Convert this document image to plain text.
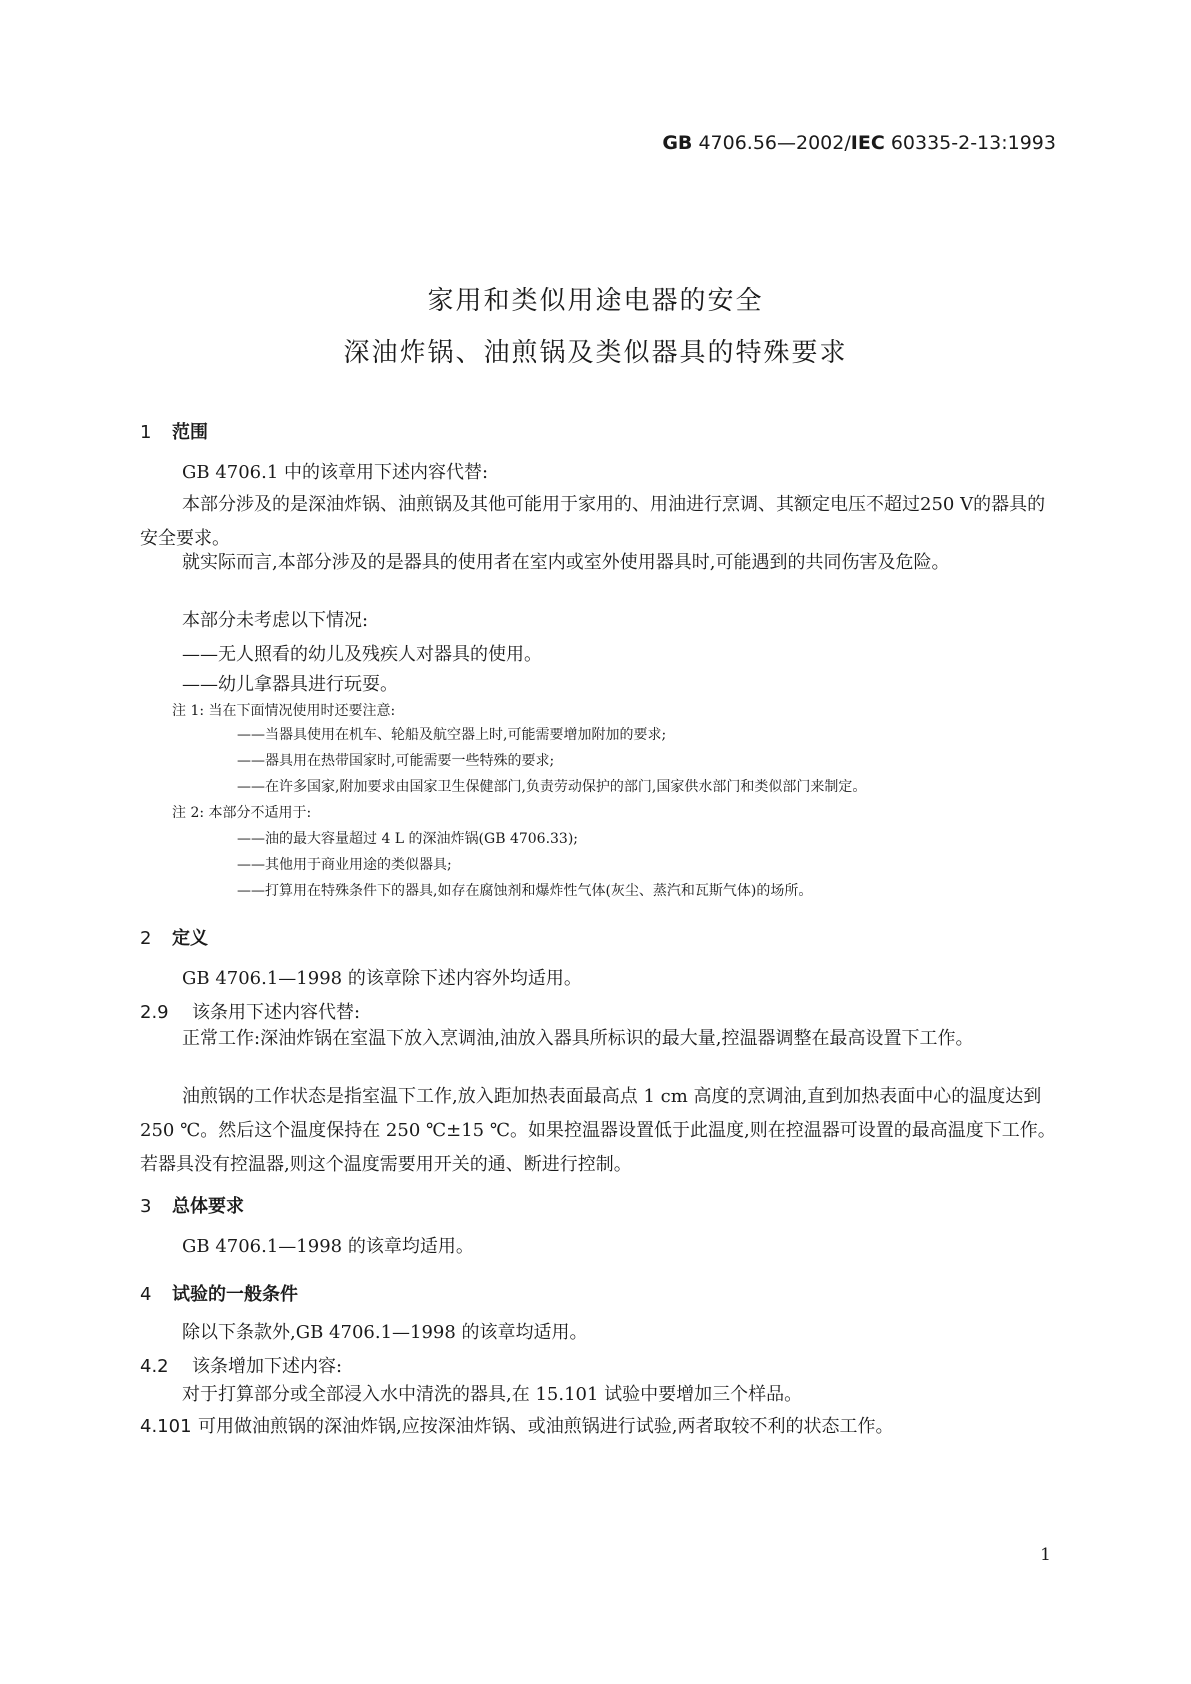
GB 4706.56—2002/IEC 60335-2-13:1993
家用和类似用途电器的安全
深油炸锅、油煎锅及类似器具的特殊要求
1 范围
GB 4706.1 中的该章用下述内容代替:
本部分涉及的是深油炸锅、油煎锅及其他可能用于家用的、用油进行烹调、其额定电压不超过250 V的器具的安全要求。
就实际而言,本部分涉及的是器具的使用者在室内或室外使用器具时,可能遇到的共同伤害及危险。
本部分未考虑以下情况:
——无人照看的幼儿及残疾人对器具的使用。
——幼儿拿器具进行玩耍。
注 1: 当在下面情况使用时还要注意:
——当器具使用在机车、轮船及航空器上时,可能需要增加附加的要求;
——器具用在热带国家时,可能需要一些特殊的要求;
——在许多国家,附加要求由国家卫生保健部门,负责劳动保护的部门,国家供水部门和类似部门来制定。
注 2: 本部分不适用于:
——油的最大容量超过 4 L 的深油炸锅(GB 4706.33);
——其他用于商业用途的类似器具;
——打算用在特殊条件下的器具,如存在腐蚀剂和爆炸性气体(灰尘、蒸汽和瓦斯气体)的场所。
2 定义
GB 4706.1—1998 的该章除下述内容外均适用。
2.9 该条用下述内容代替:
正常工作:深油炸锅在室温下放入烹调油,油放入器具所标识的最大量,控温器调整在最高设置下工作。
油煎锅的工作状态是指室温下工作,放入距加热表面最高点 1 cm 高度的烹调油,直到加热表面中心的温度达到 250 ℃。然后这个温度保持在 250 ℃±15 ℃。如果控温器设置低于此温度,则在控温器可设置的最高温度下工作。若器具没有控温器,则这个温度需要用开关的通、断进行控制。
3 总体要求
GB 4706.1—1998 的该章均适用。
4 试验的一般条件
除以下条款外,GB 4706.1—1998 的该章均适用。
4.2 该条增加下述内容:
对于打算部分或全部浸入水中清洗的器具,在 15.101 试验中要增加三个样品。
4.101 可用做油煎锅的深油炸锅,应按深油炸锅、或油煎锅进行试验,两者取较不利的状态工作。
1
